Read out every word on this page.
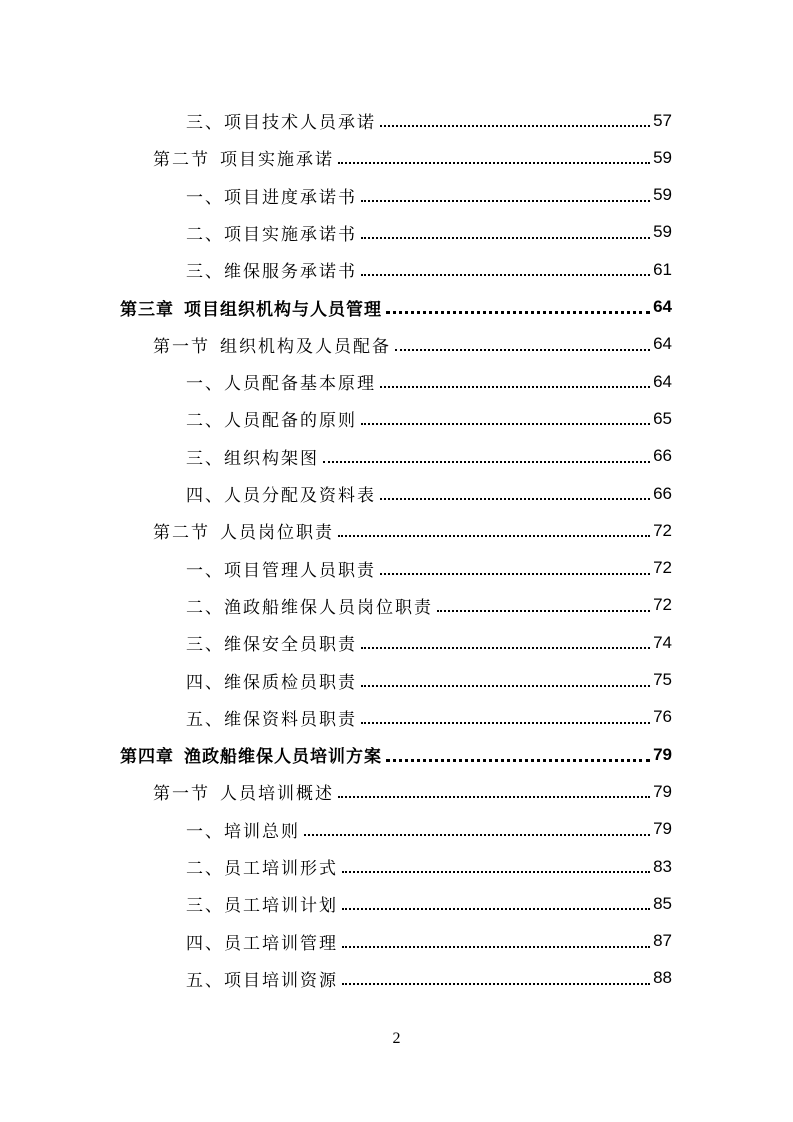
三、项目技术人员承诺	57
第二节 项目实施承诺	59
一、项目进度承诺书	59
二、项目实施承诺书	59
三、维保服务承诺书	61
第三章 项目组织机构与人员管理	64
第一节 组织机构及人员配备	64
一、人员配备基本原理	64
二、人员配备的原则	65
三、组织构架图	66
四、人员分配及资料表	66
第二节 人员岗位职责	72
一、项目管理人员职责	72
二、渔政船维保人员岗位职责	72
三、维保安全员职责	74
四、维保质检员职责	75
五、维保资料员职责	76
第四章 渔政船维保人员培训方案	79
第一节 人员培训概述	79
一、培训总则	79
二、员工培训形式	83
三、员工培训计划	85
四、员工培训管理	87
五、项目培训资源	88
2
